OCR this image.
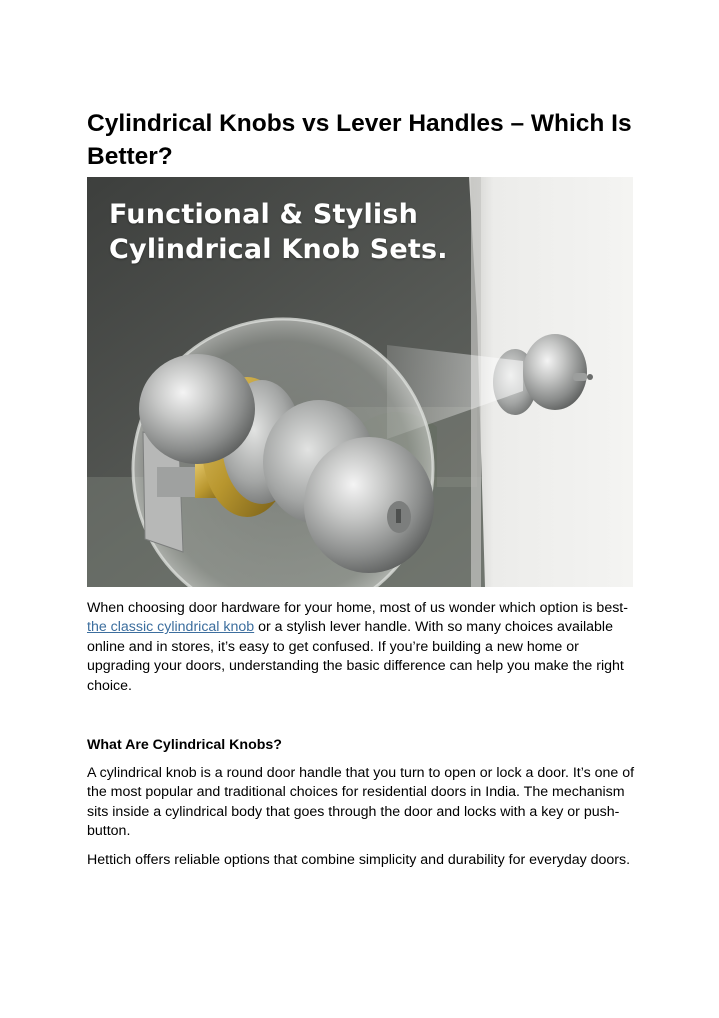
Cylindrical Knobs vs Lever Handles – Which Is Better?
Functional & Stylish
Cylindrical Knob Sets.

When choosing door hardware for your home, most of us wonder which option is best- the classic cylindrical knob or a stylish lever handle. With so many choices available online and in stores, it’s easy to get confused. If you’re building a new home or upgrading your doors, understanding the basic difference can help you make the right choice.

What Are Cylindrical Knobs?

A cylindrical knob is a round door handle that you turn to open or lock a door. It’s one of the most popular and traditional choices for residential doors in India. The mechanism sits inside a cylindrical body that goes through the door and locks with a key or push-button.

Hettich offers reliable options that combine simplicity and durability for everyday doors.
